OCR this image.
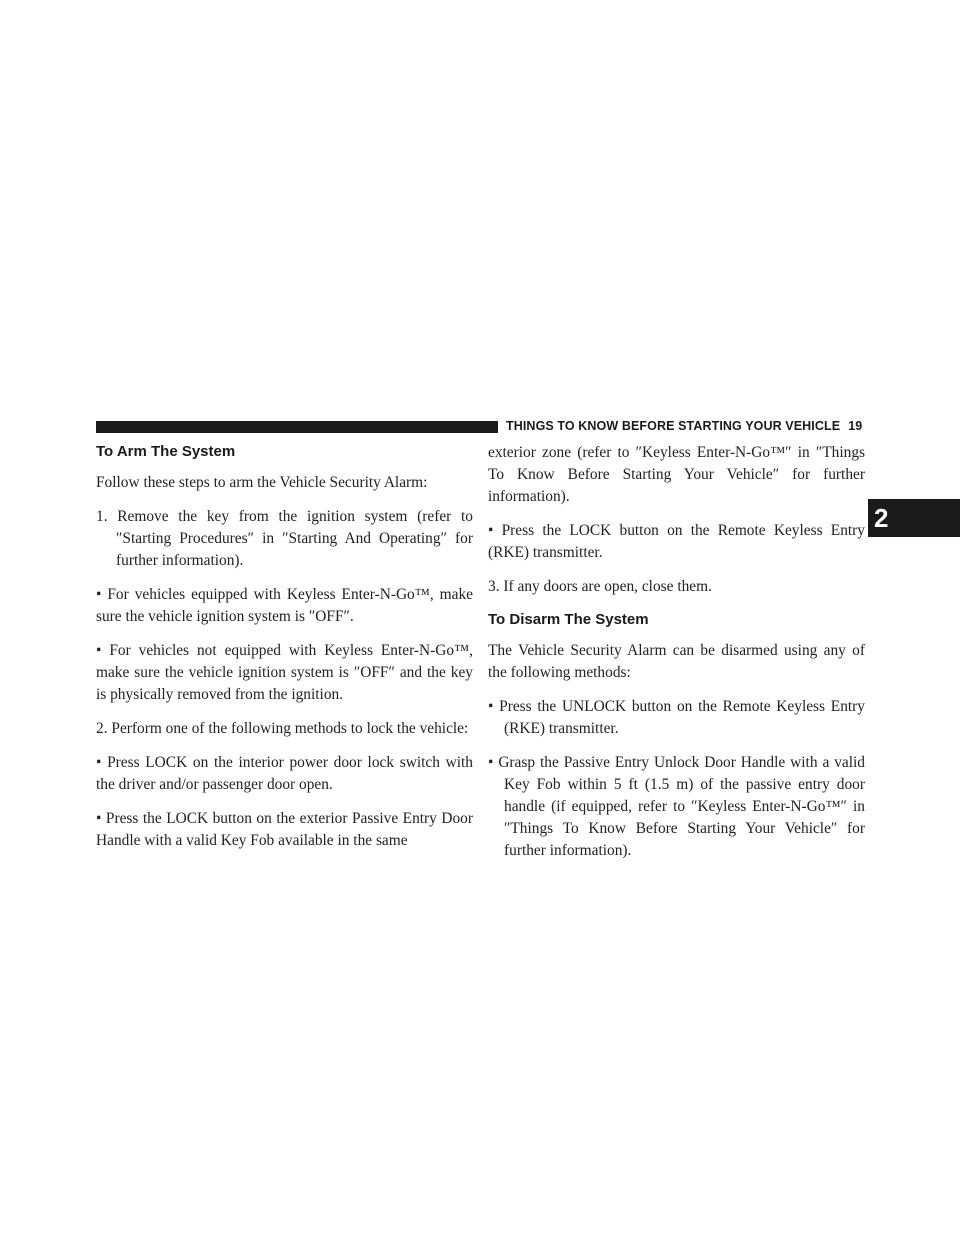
THINGS TO KNOW BEFORE STARTING YOUR VEHICLE 19
2
To Arm The System

Follow these steps to arm the Vehicle Security Alarm:

1. Remove the key from the ignition system (refer to ″Starting Procedures″ in ″Starting And Operating″ for further information).

• For vehicles equipped with Keyless Enter-N-Go™, make sure the vehicle ignition system is ″OFF″.

• For vehicles not equipped with Keyless Enter-N-Go™, make sure the vehicle ignition system is ″OFF″ and the key is physically removed from the ignition.

2. Perform one of the following methods to lock the vehicle:

• Press LOCK on the interior power door lock switch with the driver and/or passenger door open.

• Press the LOCK button on the exterior Passive Entry Door Handle with a valid Key Fob available in the same

exterior zone (refer to ″Keyless Enter-N-Go™″ in ″Things To Know Before Starting Your Vehicle″ for further information).

• Press the LOCK button on the Remote Keyless Entry (RKE) transmitter.

3. If any doors are open, close them.

To Disarm The System

The Vehicle Security Alarm can be disarmed using any of the following methods:

• Press the UNLOCK button on the Remote Keyless Entry (RKE) transmitter.

• Grasp the Passive Entry Unlock Door Handle with a valid Key Fob within 5 ft (1.5 m) of the passive entry door handle (if equipped, refer to ″Keyless Enter-N-Go™″ in ″Things To Know Before Starting Your Vehicle″ for further information).
